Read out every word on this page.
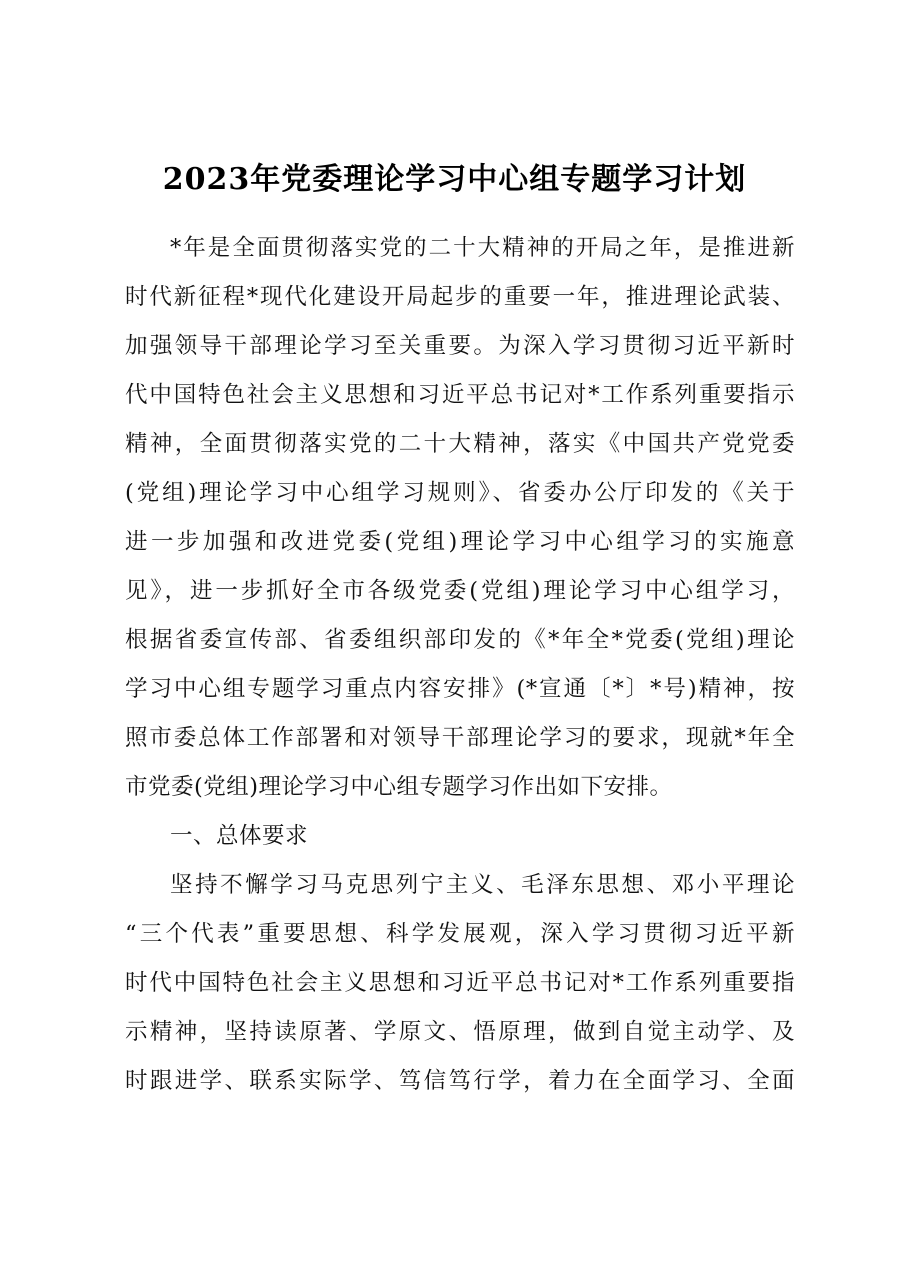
2023年党委理论学习中心组专题学习计划
*年是全面贯彻落实党的二十大精神的开局之年，是推进新
时代新征程*现代化建设开局起步的重要一年，推进理论武装、
加强领导干部理论学习至关重要。为深入学习贯彻习近平新时
代中国特色社会主义思想和习近平总书记对*工作系列重要指示
精神，全面贯彻落实党的二十大精神，落实《中国共产党党委
(党组)理论学习中心组学习规则》、省委办公厅印发的《关于
进一步加强和改进党委(党组)理论学习中心组学习的实施意
见》，进一步抓好全市各级党委(党组)理论学习中心组学习，
根据省委宣传部、省委组织部印发的《*年全*党委(党组)理论
学习中心组专题学习重点内容安排》(*宣通〔*〕*号)精神，按
照市委总体工作部署和对领导干部理论学习的要求，现就*年全
市党委(党组)理论学习中心组专题学习作出如下安排。
一、总体要求
坚持不懈学习马克思列宁主义、毛泽东思想、邓小平理论
“三个代表”重要思想、科学发展观，深入学习贯彻习近平新
时代中国特色社会主义思想和习近平总书记对*工作系列重要指
示精神，坚持读原著、学原文、悟原理，做到自觉主动学、及
时跟进学、联系实际学、笃信笃行学，着力在全面学习、全面
